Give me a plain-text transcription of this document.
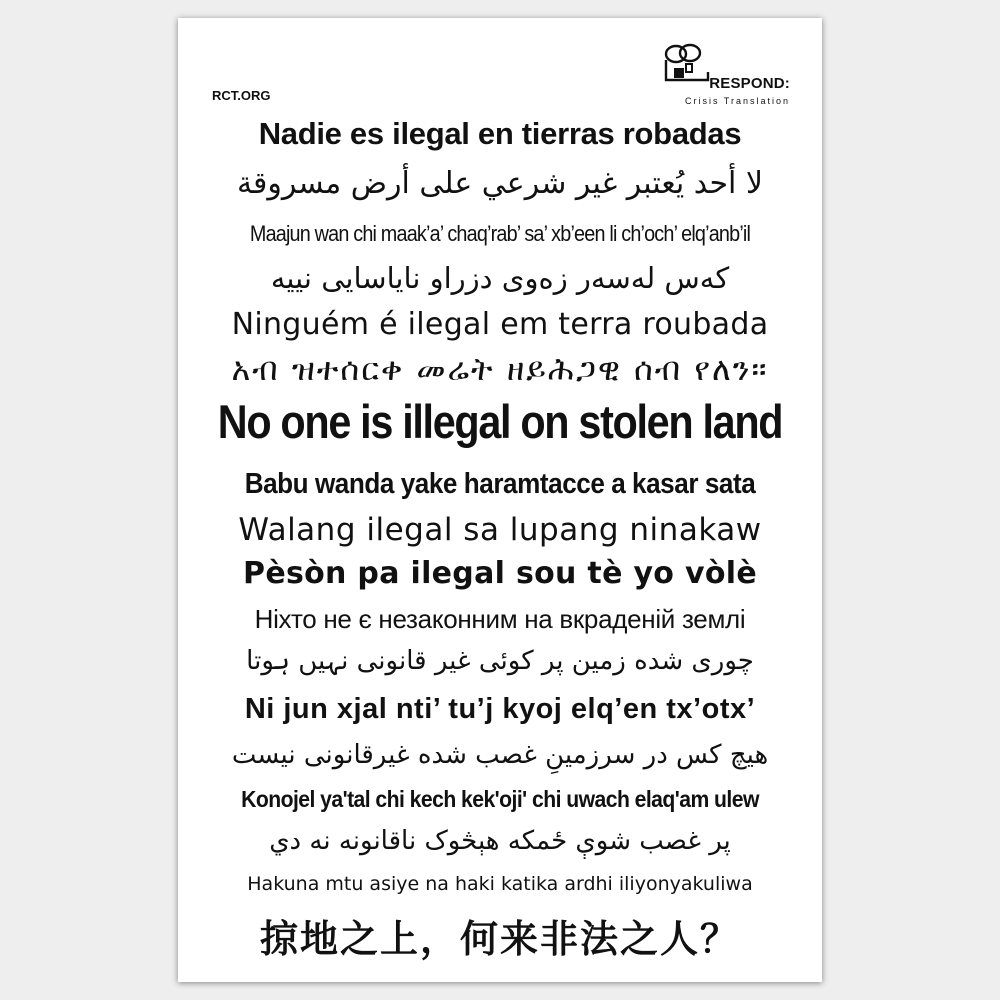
RCT.ORG
RESPOND:
Crisis Translation
Nadie es ilegal en tierras robadas
لا أحد يُعتبر غير شرعي على أرض مسروقة
Maajun wan chi maak’a’ chaq’rab’ sa’ xb’een li ch’och’ elq’anb’il
کەس لەسەر زەوی دزراو نایاسایی نییە
Ninguém é ilegal em terra roubada
አብ ዝተሰርቀ መሬት ዘይሕጋዊ ሰብ የለን።
No one is illegal on stolen land
Babu wanda yake haramtacce a kasar sata
Walang ilegal sa lupang ninakaw
Pèsòn pa ilegal sou tè yo vòlè
Ніхто не є незаконним на вкраденій землі
چوری شده زمین پر کوئی غیر قانونی نہیں ہوتا
Ni jun xjal nti’ tu’j kyoj elq’en tx’otx’
هیچ کس در سرزمینِ غصب شده غیرقانونی نیست
Konojel ya'tal chi kech kek'oji' chi uwach elaq'am ulew
پر غصب شوې ځمکه هېڅوک ناقانونه نه دي
Hakuna mtu asiye na haki katika ardhi iliyonyakuliwa
掠地之上，何来非法之人？
